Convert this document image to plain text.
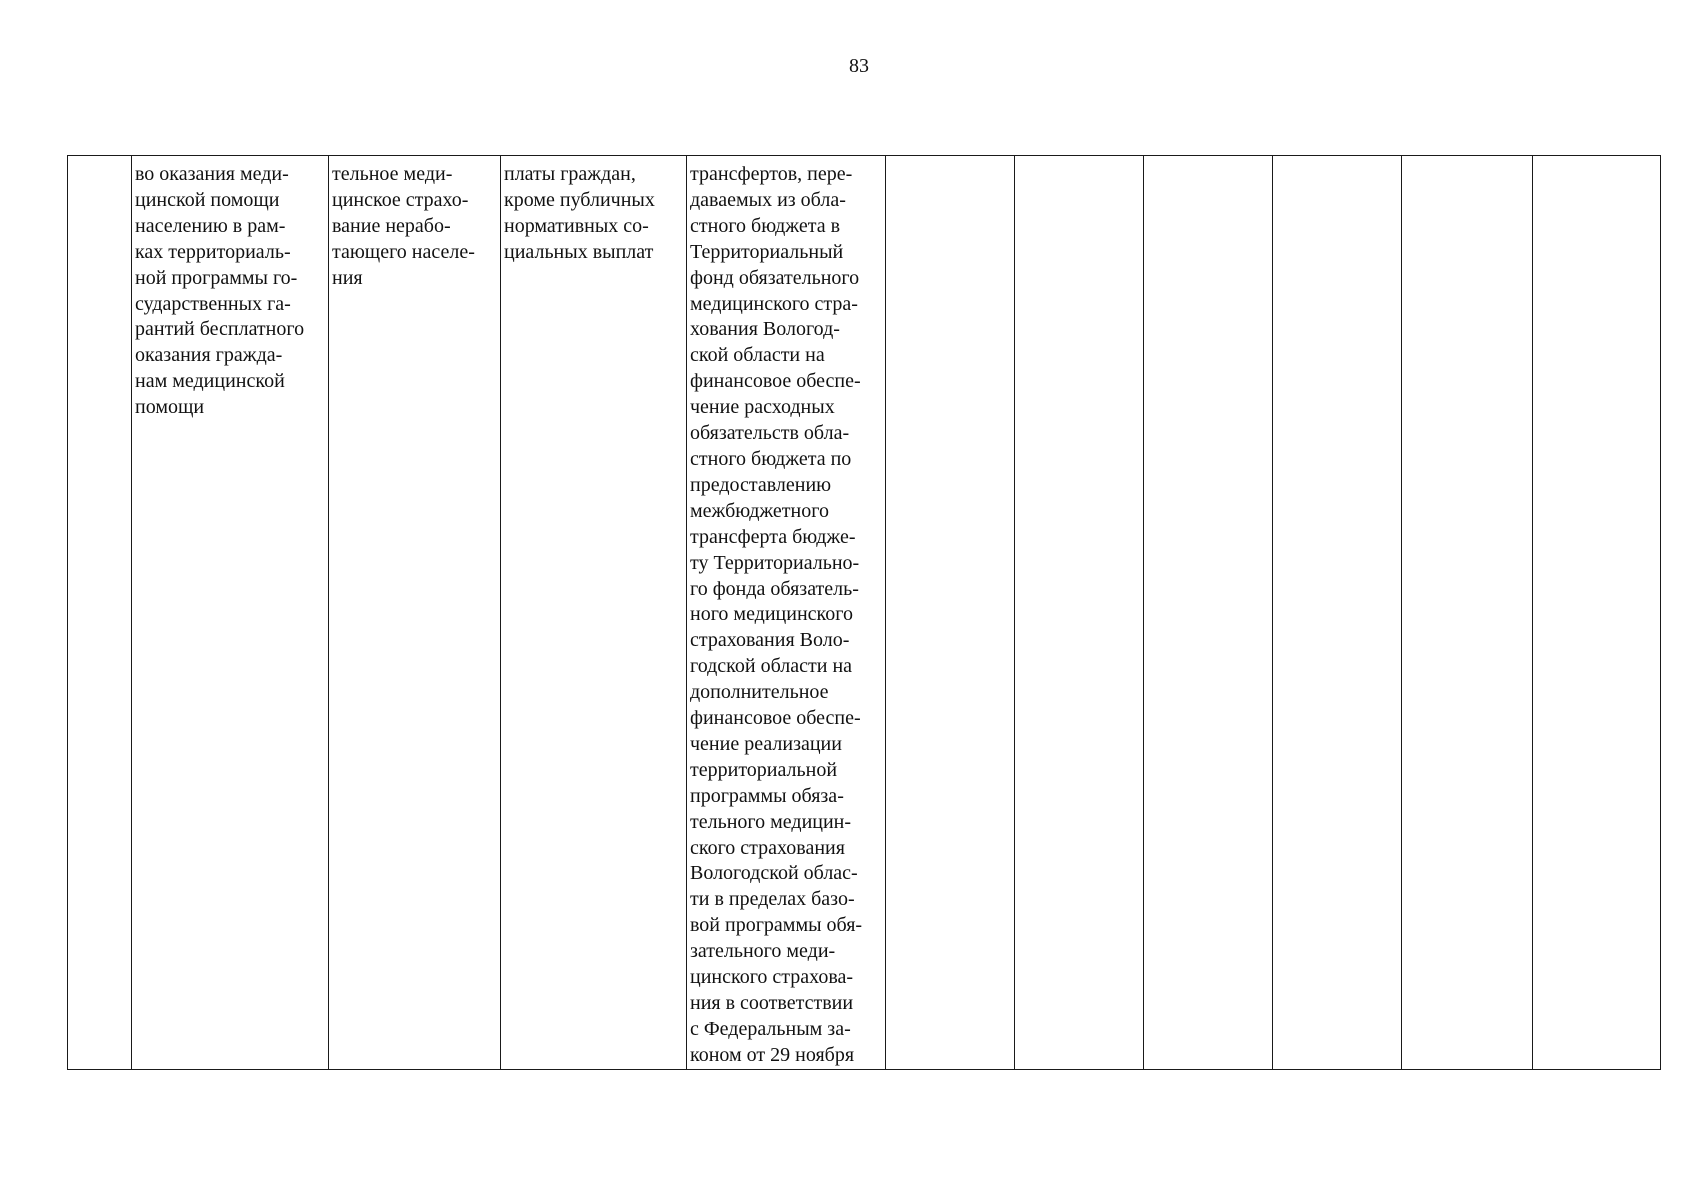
83
	во оказания меди-
цинской помощи
населению в рам-
ках территориаль-
ной программы го-
сударственных га-
рантий бесплатного
оказания гражда-
нам медицинской
помощи	тельное меди-
цинское страхо-
вание нерабо-
тающего населе-
ния	платы граждан,
кроме публичных
нормативных со-
циальных выплат	трансфертов, пере-
даваемых из обла-
стного бюджета в
Территориальный
фонд обязательного
медицинского стра-
хования Вологод-
ской области на
финансовое обеспе-
чение расходных
обязательств обла-
стного бюджета по
предоставлению
межбюджетного
трансферта бюдже-
ту Территориально-
го фонда обязатель-
ного медицинского
страхования Воло-
годской области на
дополнительное
финансовое обеспе-
чение реализации
территориальной
программы обяза-
тельного медицин-
ского страхования
Вологодской облас-
ти в пределах базо-
вой программы обя-
зательного меди-
цинского страхова-
ния в соответствии
с Федеральным за-
коном от 29 ноября						
